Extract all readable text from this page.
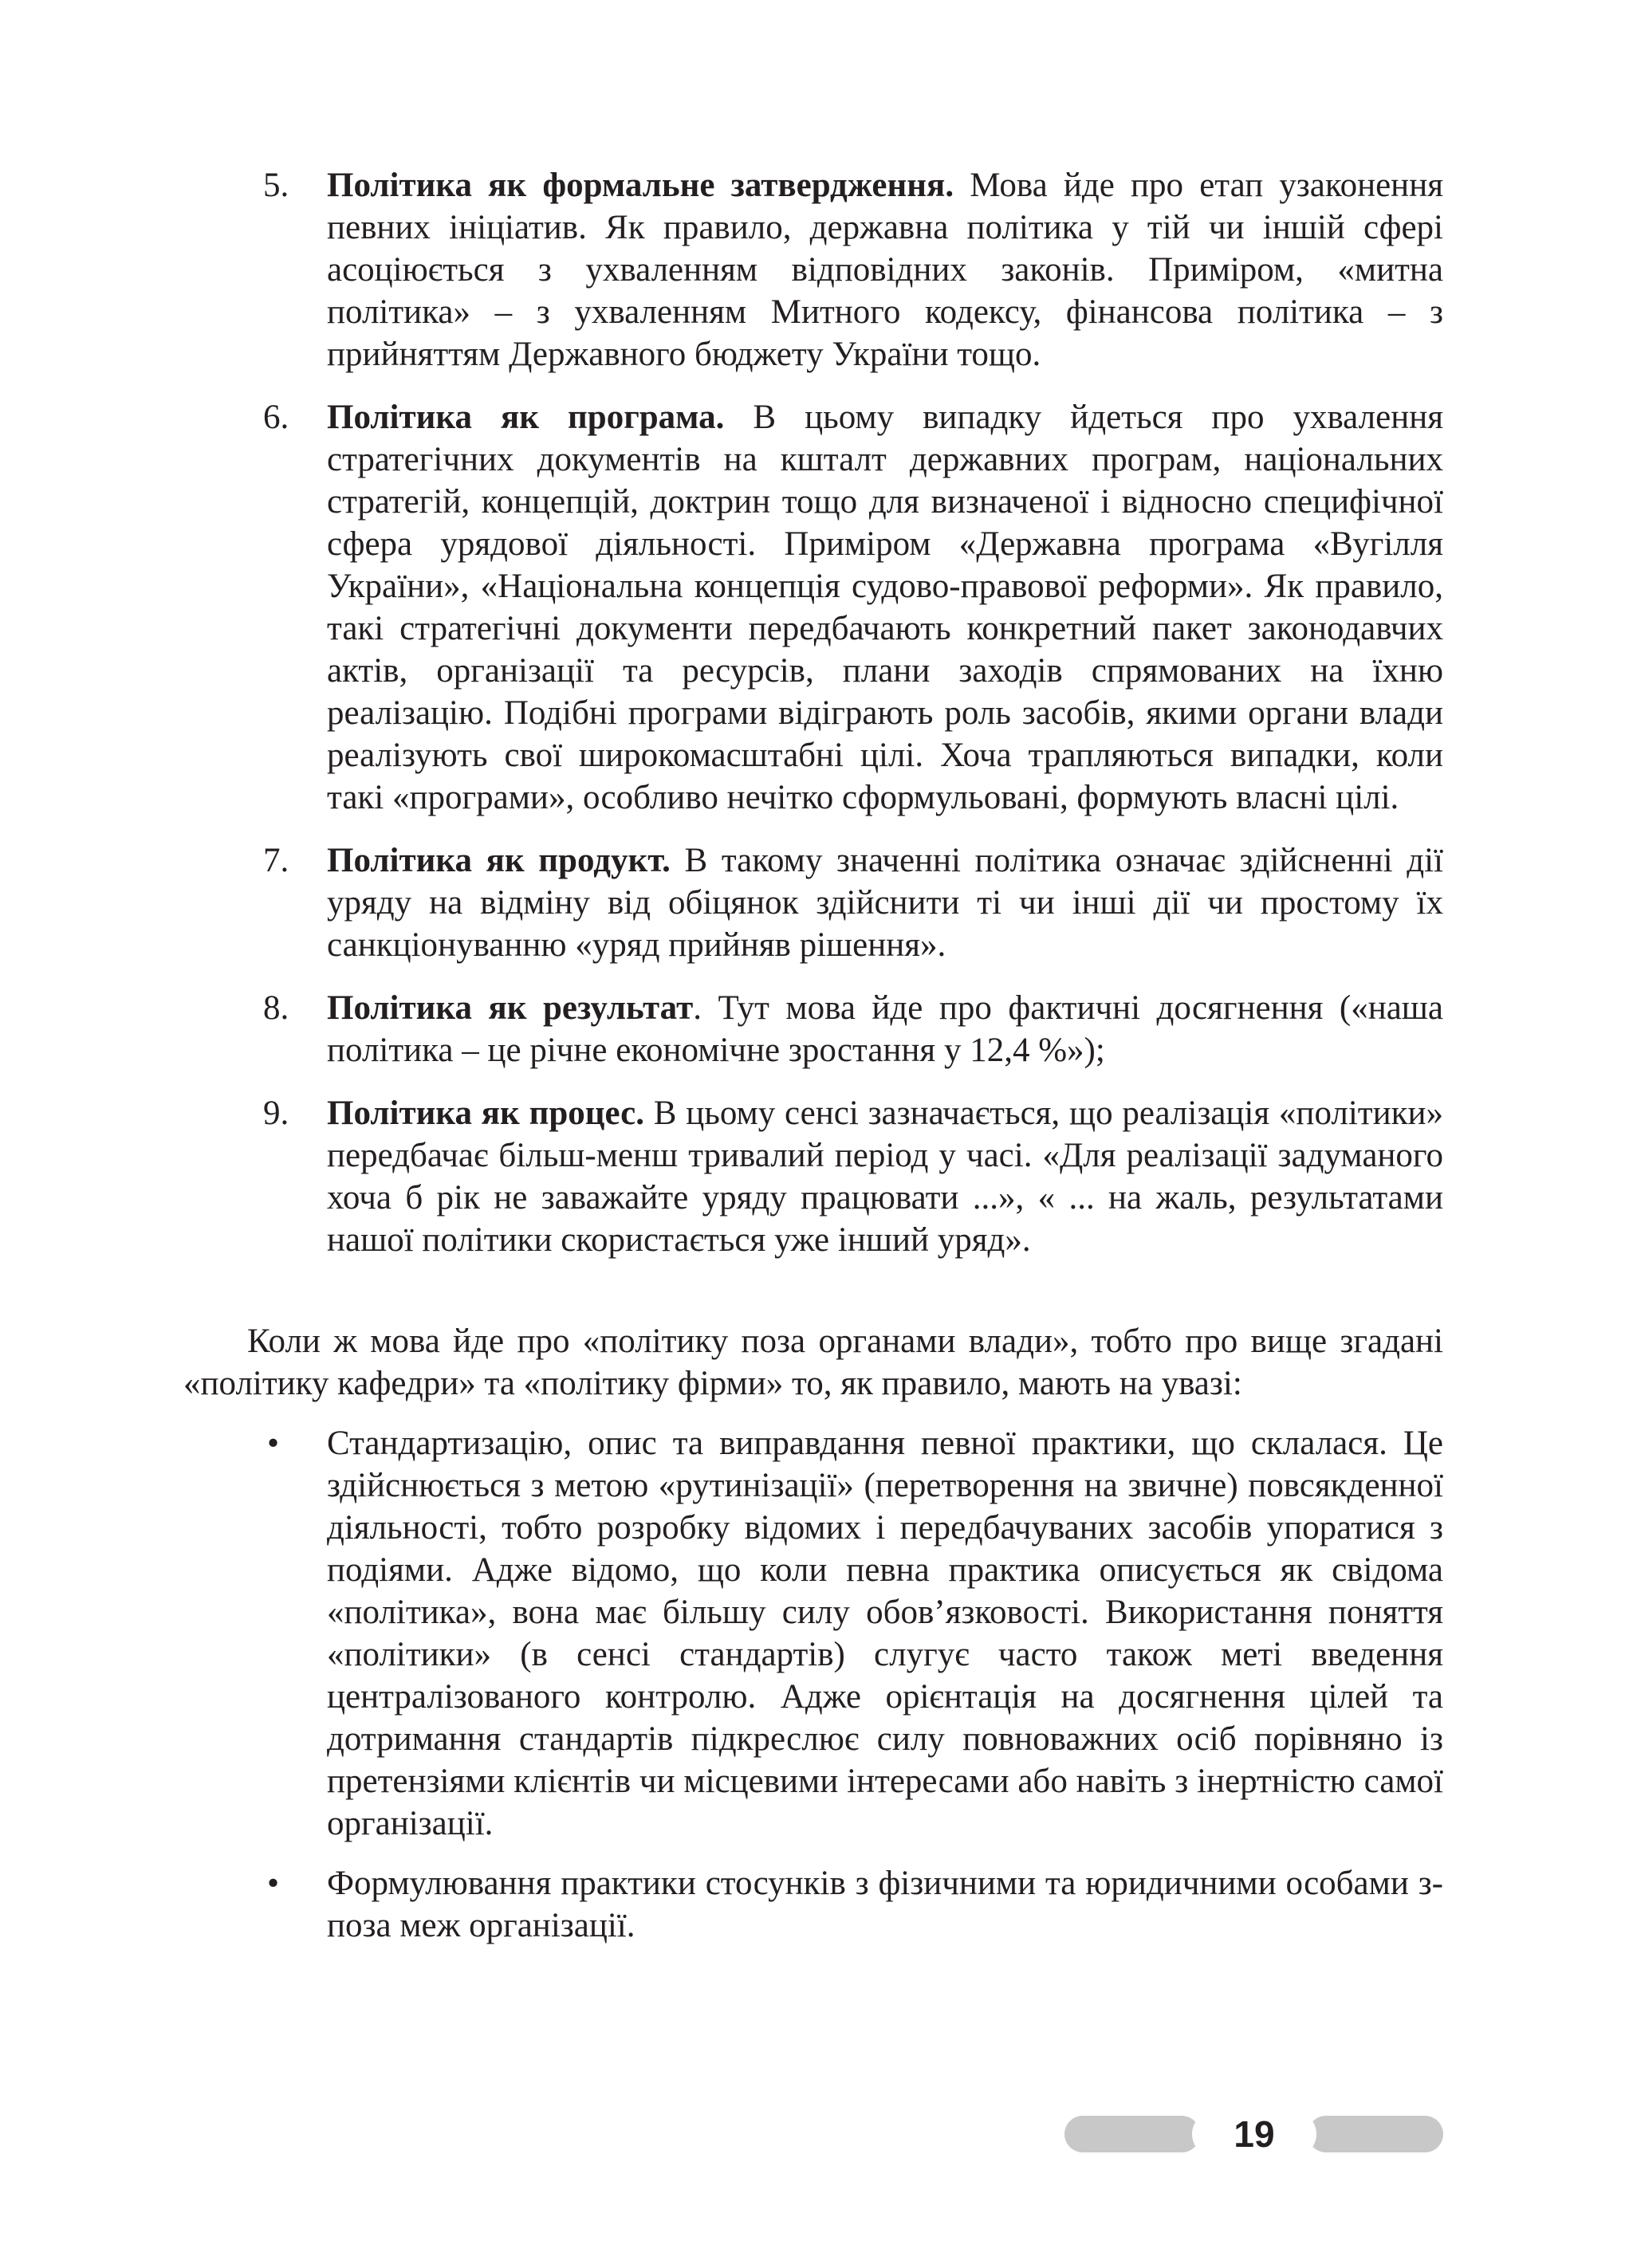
5.	Політика як формальне затвердження. Мова йде про етап узаконення певних ініціатив. Як правило, державна політика у тій чи іншій сфері асоціюється з ухваленням відповідних законів. Приміром, «митна політика» – з ухваленням Митного кодексу, фінансова політика – з прийняттям Державного бюджету України тощо.
6.	Політика як програма. В цьому випадку йдеться про ухвалення стратегічних документів на кшталт державних програм, національних стратегій, концепцій, доктрин тощо для визначеної і відносно специфічної сфера урядової діяльності. Приміром «Державна програма «Вугілля України», «Національна концепція судово-правової реформи». Як правило, такі стратегічні документи передбачають конкретний пакет законодавчих актів, організації та ресурсів, плани заходів спрямованих на їхню реалізацію. Подібні програми відіграють роль засобів, якими органи влади реалізують свої широкомасштабні цілі. Хоча трапляються випадки, коли такі «програми», особливо нечітко сформульовані, формують власні цілі.
7.	Політика як продукт. В такому значенні політика означає здійсненні дії уряду на відміну від обіцянок здійснити ті чи інші дії чи простому їх санкціонуванню «уряд прийняв рішення».
8.	Політика як результат. Тут мова йде про фактичні досягнення («наша політика – це річне економічне зростання у 12,4 %»);
9.	Політика як процес. В цьому сенсі зазначається, що реалізація «політики» передбачає більш-менш тривалий період у часі. «Для реалізації задуманого хоча б рік не заважайте уряду працювати ...», « ... на жаль, результатами нашої політики скористається уже інший уряд».

Коли ж мова йде про «політику поза органами влади», тобто про вище згадані «політику кафедри» та «політику фірми» то, як правило, мають на увазі:

•	Стандартизацію, опис та виправдання певної практики, що склалася. Це здійснюється з метою «рутинізації» (перетворення на звичне) повсякденної діяльності, тобто розробку відомих і передбачуваних засобів упоратися з подіями. Адже відомо, що коли певна практика описується як свідома «політика», вона має більшу силу обов’язковості. Використання поняття «політики» (в сенсі стандартів) слугує часто також меті введення централізованого контролю. Адже орієнтація на досягнення цілей та дотримання стандартів підкреслює силу повноважних осіб порівняно із претензіями клієнтів чи місцевими інтересами або навіть з інертністю самої організації.
•	Формулювання практики стосунків з фізичними та юридичними особами з-поза меж організації.
19
